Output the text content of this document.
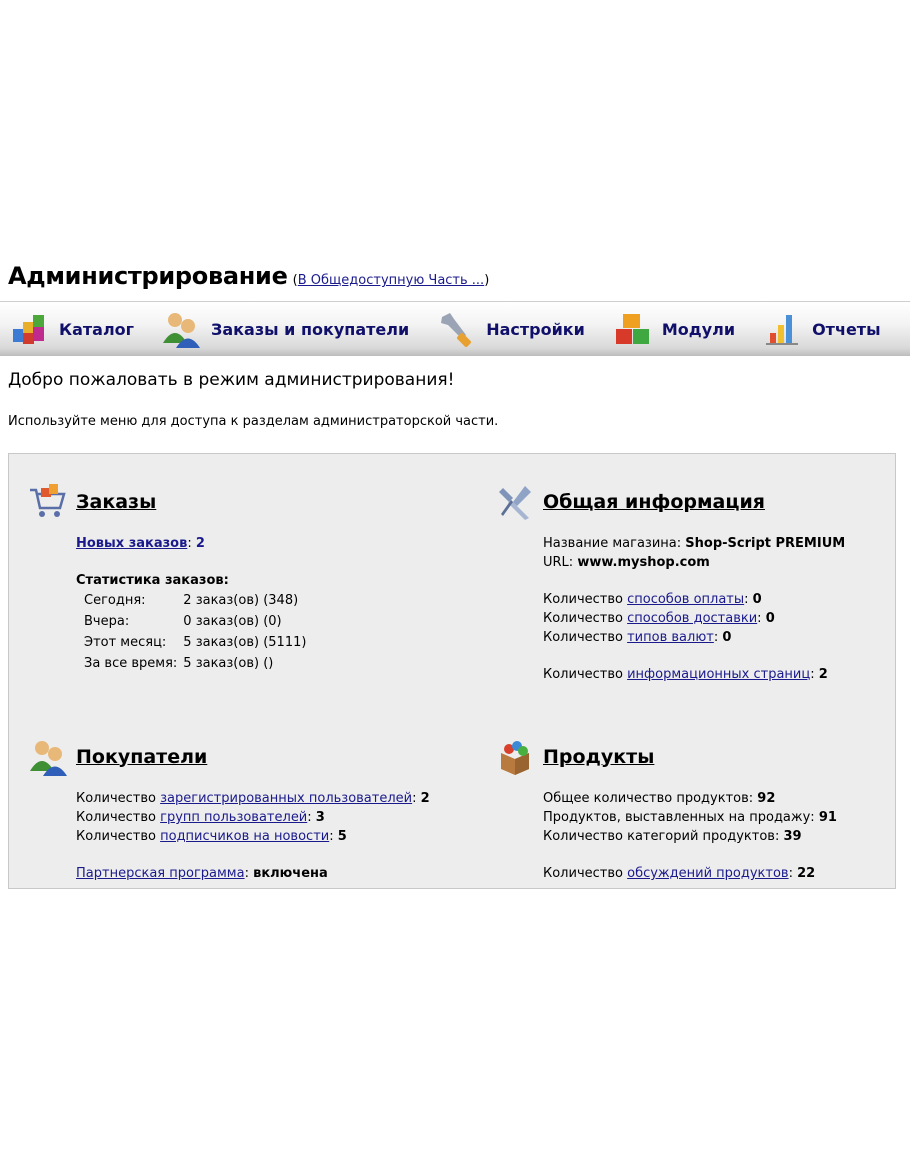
Администрирование (В Общедоступную Часть ...)
Каталог	Заказы и покупатели	Настройки	Модули	Отчеты
Добро пожаловать в режим администрирования!
Используйте меню для доступа к разделам администраторской части.
Заказы
Новых заказов: 2
Статистика заказов:
Сегодня:	2 заказ(ов) (348)
Вчера:	0 заказ(ов) (0)
Этот месяц:	5 заказ(ов) (5111)
За все время:	5 заказ(ов) ()
Общая информация
Название магазина: Shop-Script PREMIUM
URL: www.myshop.com
Количество способов оплаты: 0
Количество способов доставки: 0
Количество типов валют: 0
Количество информационных страниц: 2
Покупатели
Количество зарегистрированных пользователей: 2
Количество групп пользователей: 3
Количество подписчиков на новости: 5
Партнерская программа: включена
Продукты
Общее количество продуктов: 92
Продуктов, выставленных на продажу: 91
Количество категорий продуктов: 39
Количество обсуждений продуктов: 22
